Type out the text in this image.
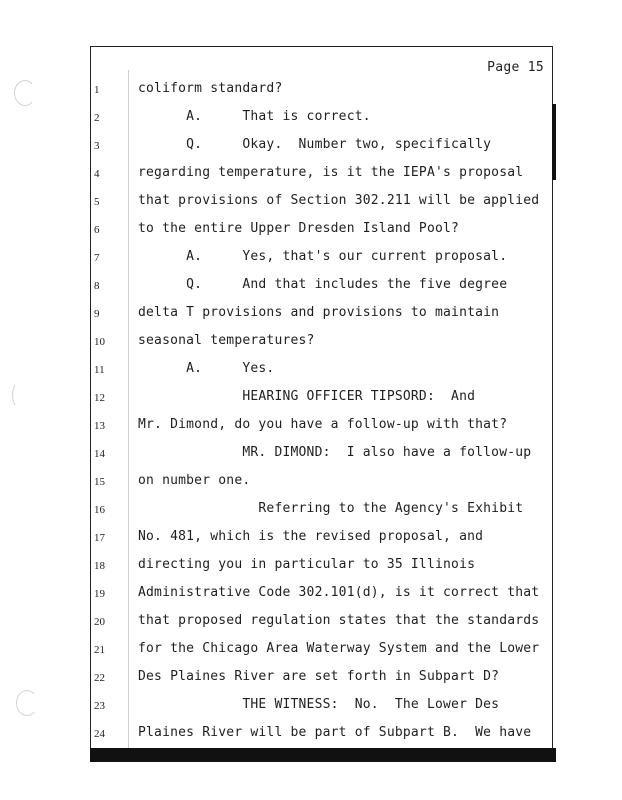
Page 15
1	coliform standard?
2	A.     That is correct.
3	Q.     Okay.  Number two, specifically
4	regarding temperature, is it the IEPA's proposal
5	that provisions of Section 302.211 will be applied
6	to the entire Upper Dresden Island Pool?
7	A.     Yes, that's our current proposal.
8	Q.     And that includes the five degree
9	delta T provisions and provisions to maintain
10	seasonal temperatures?
11	A.     Yes.
12	HEARING OFFICER TIPSORD:  And
13	Mr. Dimond, do you have a follow-up with that?
14	MR. DIMOND:  I also have a follow-up
15	on number one.
16	Referring to the Agency's Exhibit
17	No. 481, which is the revised proposal, and
18	directing you in particular to 35 Illinois
19	Administrative Code 302.101(d), is it correct that
20	that proposed regulation states that the standards
21	for the Chicago Area Waterway System and the Lower
22	Des Plaines River are set forth in Subpart D?
23	THE WITNESS:  No.  The Lower Des
24	Plaines River will be part of Subpart B.  We have
